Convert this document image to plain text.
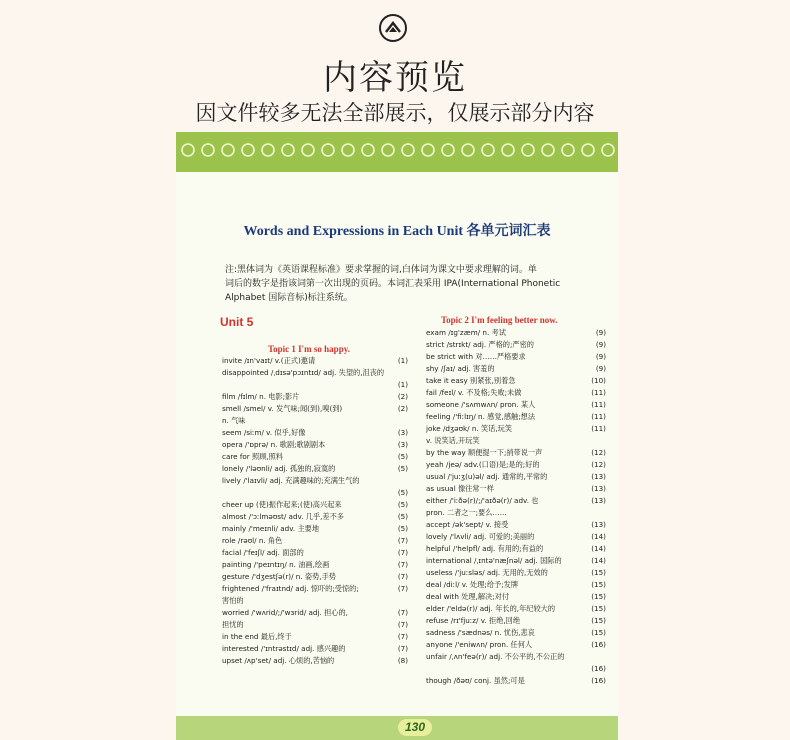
内容预览
因文件较多无法全部展示，仅展示部分内容
Words and Expressions in Each Unit 各单元词汇表
注:黑体词为《英语课程标准》要求掌握的词,白体词为课文中要求理解的词。单
词后的数字是指该词第一次出现的页码。本词汇表采用 IPA(International Phonetic
Alphabet 国际音标)标注系统。
Unit 5
Topic 1 I'm so happy.
Topic 2 I'm feeling better now.
invite /ɪn'vaɪt/ v.(正式)邀请	(1)
disappointed /ˌdɪsə'pɔɪntɪd/ adj. 失望的,沮丧的
(1)
film /fɪlm/ n. 电影;影片	(2)
smell /smel/ v. 发气味;闻(到),嗅(到)	(2)
n. 气味
seem /siːm/ v. 似乎,好像	(3)
opera /'ɒprə/ n. 歌剧;歌剧剧本	(3)
care for 照顾,照料	(5)
lonely /'ləʊnli/ adj. 孤独的,寂寞的	(5)
lively /'laɪvli/ adj. 充满趣味的;充满生气的
(5)
cheer up (使)振作起来;(使)高兴起来	(5)
almost /'ɔːlməʊst/ adv. 几乎,差不多	(5)
mainly /'meɪnli/ adv. 主要地	(5)
role /rəʊl/ n. 角色	(7)
facial /'feɪʃl/ adj. 面部的	(7)
painting /'peɪntɪŋ/ n. 油画,绘画	(7)
gesture /'dʒestʃə(r)/ n. 姿势,手势	(7)
frightened /'fraɪtnd/ adj. 惊吓的;受惊的;	(7)
害怕的
worried /'wʌrid/;/'wɜrid/ adj. 担心的,	(7)
担忧的	(7)
in the end 最后,终于	(7)
interested /'ɪntrəstɪd/ adj. 感兴趣的	(7)
upset /ʌp'set/ adj. 心烦的,苦恼的	(8)
exam /ɪɡ'zæm/ n. 考试	(9)
strict /strɪkt/ adj. 严格的;严密的	(9)
be strict with 对……严格要求	(9)
shy /ʃaɪ/ adj. 害羞的	(9)
take it easy 别紧张,别着急	(10)
fail /feɪl/ v. 不及格;失败;未做	(11)
someone /'sʌmwʌn/ pron. 某人	(11)
feeling /'fiːlɪŋ/ n. 感觉,感触;想法	(11)
joke /dʒəʊk/ n. 笑话,玩笑	(11)
v. 说笑话,开玩笑
by the way 顺便提一下;捎带说一声	(12)
yeah /jeə/ adv.(口语)是;是的;好的	(12)
usual /'juːʒ(u)əl/ adj. 通常的,平常的	(13)
as usual 像往常一样	(13)
either /'iːðə(r)/;/'aɪðə(r)/ adv. 也	(13)
pron. 二者之一;要么……
accept /ək'sept/ v. 接受	(13)
lovely /'lʌvli/ adj. 可爱的;美丽的	(14)
helpful /'helpfl/ adj. 有用的;有益的	(14)
international /ˌɪntə'næʃnəl/ adj. 国际的	(14)
useless /'juːsləs/ adj. 无用的,无效的	(15)
deal /diːl/ v. 处理;给予;发牌	(15)
deal with 处理,解决;对付	(15)
elder /'eldə(r)/ adj. 年长的,年纪较大的	(15)
refuse /rɪ'fjuːz/ v. 拒绝,回绝	(15)
sadness /'sædnəs/ n. 忧伤,悲哀	(15)
anyone /'eniwʌn/ pron. 任何人	(16)
unfair /ˌʌn'feə(r)/ adj. 不公平的,不公正的
(16)
though /ðəʊ/ conj. 虽然;可是	(16)
130
